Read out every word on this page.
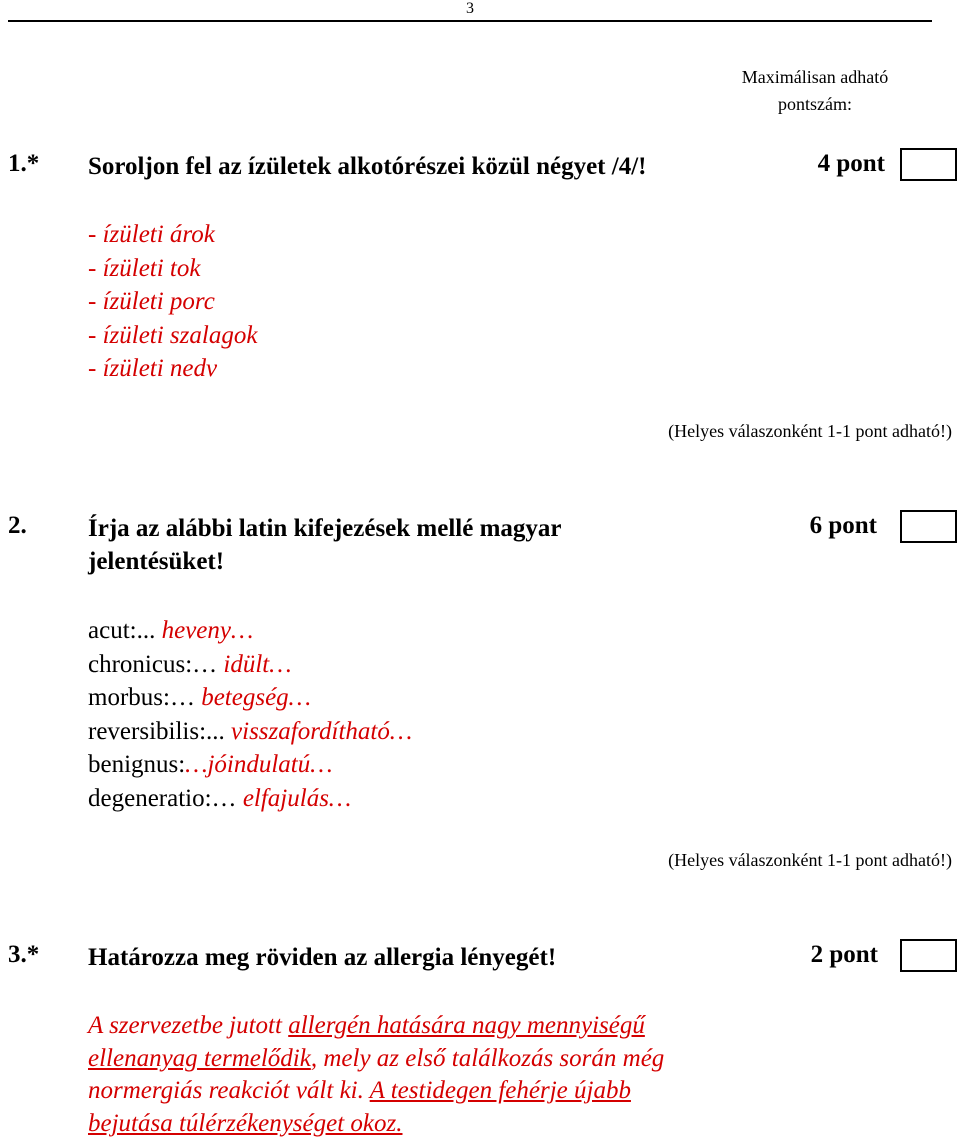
3
Maximálisan adható
pontszám:
1.* Soroljon fel az ízületek alkotórészei közül négyet /4/!	4 pont
- ízületi árok
- ízületi tok
- ízületi porc
- ízületi szalagok
- ízületi nedv
(Helyes válaszonként 1-1 pont adható!)
2. Írja az alábbi latin kifejezések mellé magyar
jelentésüket!
6 pont
acut:... heveny…
chronicus:… idült…
morbus:… betegség…
reversibilis:... visszafordítható…
benignus:…jóindulatú…
degeneratio:… elfajulás…
(Helyes válaszonként 1-1 pont adható!)
3.* Határozza meg röviden az allergia lényegét!	2 pont
A szervezetbe jutott allergén hatására nagy mennyiségű
ellenanyag termelődik, mely az első találkozás során még
normergiás reakciót vált ki. A testidegen fehérje újabb
bejutása túlérzékenységet okoz.
